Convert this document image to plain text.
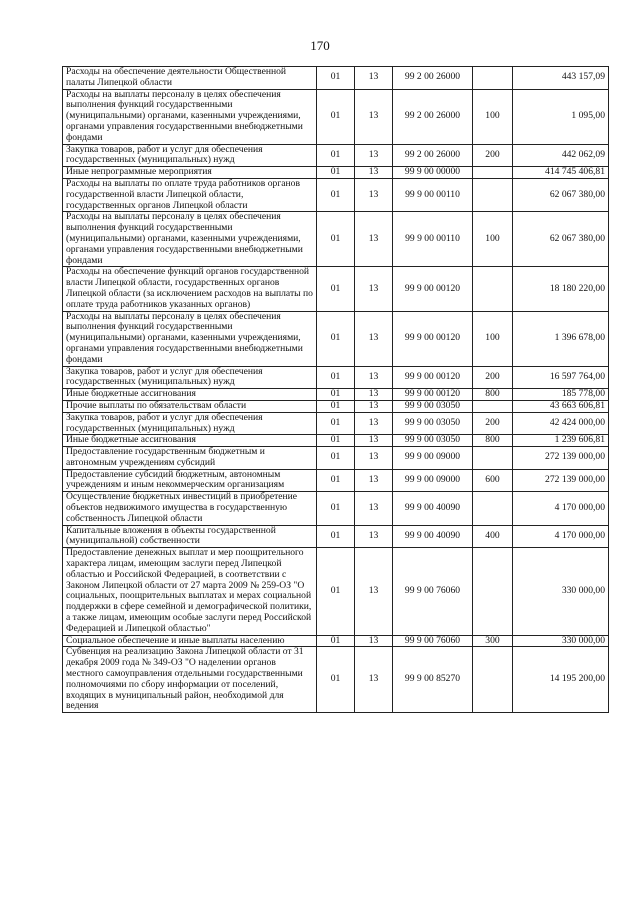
170
Расходы на обеспечение деятельности Общественной палаты Липецкой области	01	13	99 2 00 26000		443 157,09
Расходы на выплаты персоналу в целях обеспечения выполнения функций государственными (муниципальными) органами, казенными учреждениями, органами управления государственными внебюджетными фондами	01	13	99 2 00 26000	100	1 095,00
Закупка товаров, работ и услуг для обеспечения государственных (муниципальных) нужд	01	13	99 2 00 26000	200	442 062,09
Иные непрограммные мероприятия	01	13	99 9 00 00000		414 745 406,81
Расходы на выплаты по оплате труда работников органов государственной власти Липецкой области, государственных органов Липецкой области	01	13	99 9 00 00110		62 067 380,00
Расходы на выплаты персоналу в целях обеспечения выполнения функций государственными (муниципальными) органами, казенными учреждениями, органами управления государственными внебюджетными фондами	01	13	99 9 00 00110	100	62 067 380,00
Расходы на обеспечение функций органов государственной власти Липецкой области, государственных органов Липецкой области (за исключением расходов на выплаты по оплате труда работников указанных органов)	01	13	99 9 00 00120		18 180 220,00
Расходы на выплаты персоналу в целях обеспечения выполнения функций государственными (муниципальными) органами, казенными учреждениями, органами управления государственными внебюджетными фондами	01	13	99 9 00 00120	100	1 396 678,00
Закупка товаров, работ и услуг для обеспечения государственных (муниципальных) нужд	01	13	99 9 00 00120	200	16 597 764,00
Иные бюджетные ассигнования	01	13	99 9 00 00120	800	185 778,00
Прочие выплаты по обязательствам области	01	13	99 9 00 03050		43 663 606,81
Закупка товаров, работ и услуг для обеспечения государственных (муниципальных) нужд	01	13	99 9 00 03050	200	42 424 000,00
Иные бюджетные ассигнования	01	13	99 9 00 03050	800	1 239 606,81
Предоставление государственным бюджетным и автономным учреждениям субсидий	01	13	99 9 00 09000		272 139 000,00
Предоставление субсидий бюджетным, автономным учреждениям и иным некоммерческим организациям	01	13	99 9 00 09000	600	272 139 000,00
Осуществление бюджетных инвестиций в приобретение объектов недвижимого имущества в государственную собственность Липецкой области	01	13	99 9 00 40090		4 170 000,00
Капитальные вложения в объекты государственной (муниципальной) собственности	01	13	99 9 00 40090	400	4 170 000,00
Предоставление денежных выплат и мер поощрительного характера лицам, имеющим заслуги перед Липецкой областью и Российской Федерацией, в соответствии с Законом Липецкой области от 27 марта 2009 № 259-ОЗ "О социальных, поощрительных выплатах и мерах социальной поддержки в сфере семейной и демографической политики, а также лицам, имеющим особые заслуги перед Российской Федерацией и Липецкой областью"	01	13	99 9 00 76060		330 000,00
Социальное обеспечение и иные выплаты населению	01	13	99 9 00 76060	300	330 000,00
Субвенция на реализацию Закона Липецкой области от 31 декабря 2009 года № 349-ОЗ "О наделении органов местного самоуправления отдельными государственными полномочиями по сбору информации от поселений, входящих в муниципальный район, необходимой для ведения	01	13	99 9 00 85270		14 195 200,00
